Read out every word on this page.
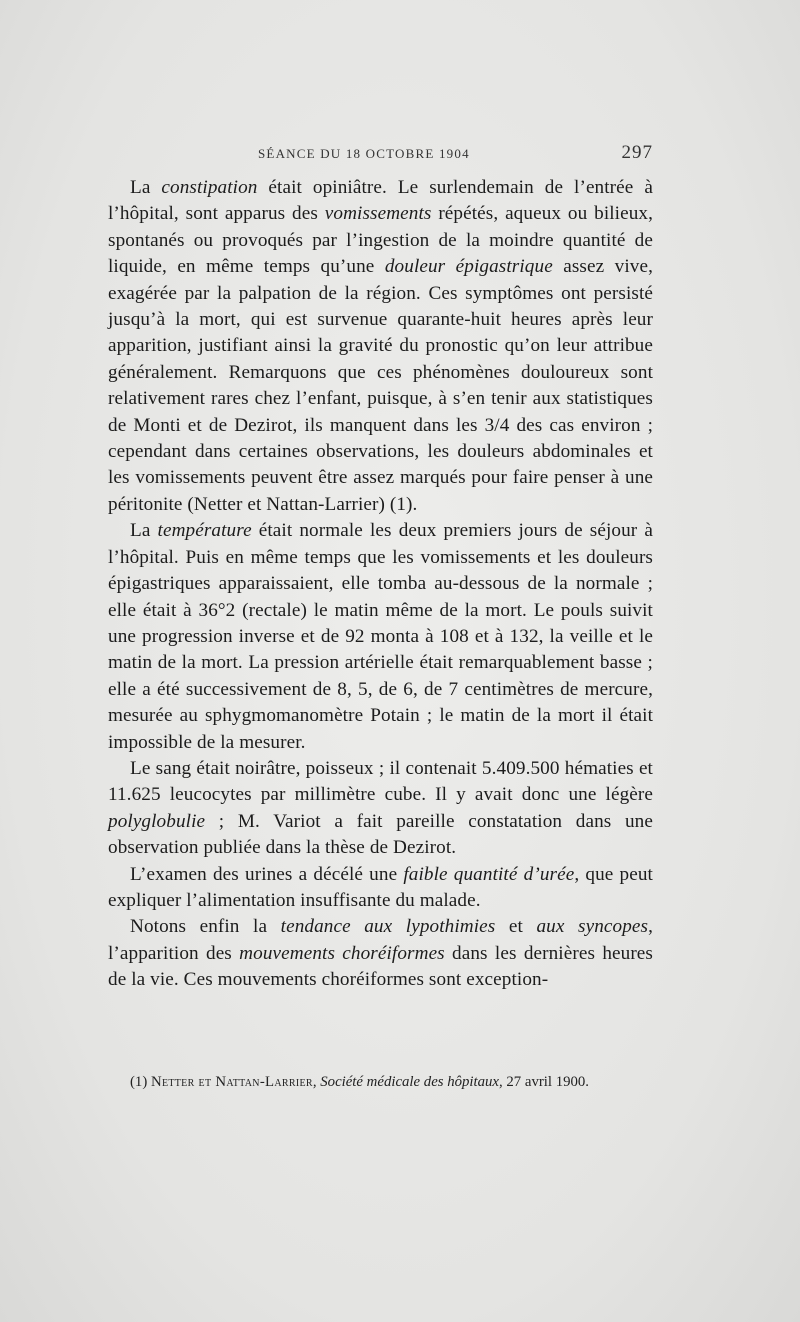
SÉANCE DU 18 OCTOBRE 1904	297

La constipation était opiniâtre. Le surlendemain de l’entrée à l’hôpital, sont apparus des vomissements répétés, aqueux ou bilieux, spontanés ou provoqués par l’ingestion de la moindre quantité de liquide, en même temps qu’une douleur épigastrique assez vive, exagérée par la palpation de la région. Ces symptômes ont persisté jusqu’à la mort, qui est survenue quarante-huit heures après leur apparition, justifiant ainsi la gravité du pronostic qu’on leur attribue généralement. Remarquons que ces phénomènes douloureux sont relativement rares chez l’enfant, puisque, à s’en tenir aux statistiques de Monti et de Dezirot, ils manquent dans les 3/4 des cas environ ; cependant dans certaines observations, les douleurs abdominales et les vomissements peuvent être assez marqués pour faire penser à une péritonite (Netter et Nattan-Larrier) (1).

La température était normale les deux premiers jours de séjour à l’hôpital. Puis en même temps que les vomissements et les douleurs épigastriques apparaissaient, elle tomba au-dessous de la normale ; elle était à 36°2 (rectale) le matin même de la mort. Le pouls suivit une progression inverse et de 92 monta à 108 et à 132, la veille et le matin de la mort. La pression artérielle était remarquablement basse ; elle a été successivement de 8, 5, de 6, de 7 centimètres de mercure, mesurée au sphygmomanomètre Potain ; le matin de la mort il était impossible de la mesurer.

Le sang était noirâtre, poisseux ; il contenait 5.409.500 hématies et 11.625 leucocytes par millimètre cube. Il y avait donc une légère polyglobulie ; M. Variot a fait pareille constatation dans une observation publiée dans la thèse de Dezirot.

L’examen des urines a décélé une faible quantité d’urée, que peut expliquer l’alimentation insuffisante du malade.

Notons enfin la tendance aux lypothimies et aux syncopes, l’apparition des mouvements choréiformes dans les dernières heures de la vie. Ces mouvements choréiformes sont exception-

(1) Netter et Nattan-Larrier, Société médicale des hôpitaux, 27 avril 1900.
